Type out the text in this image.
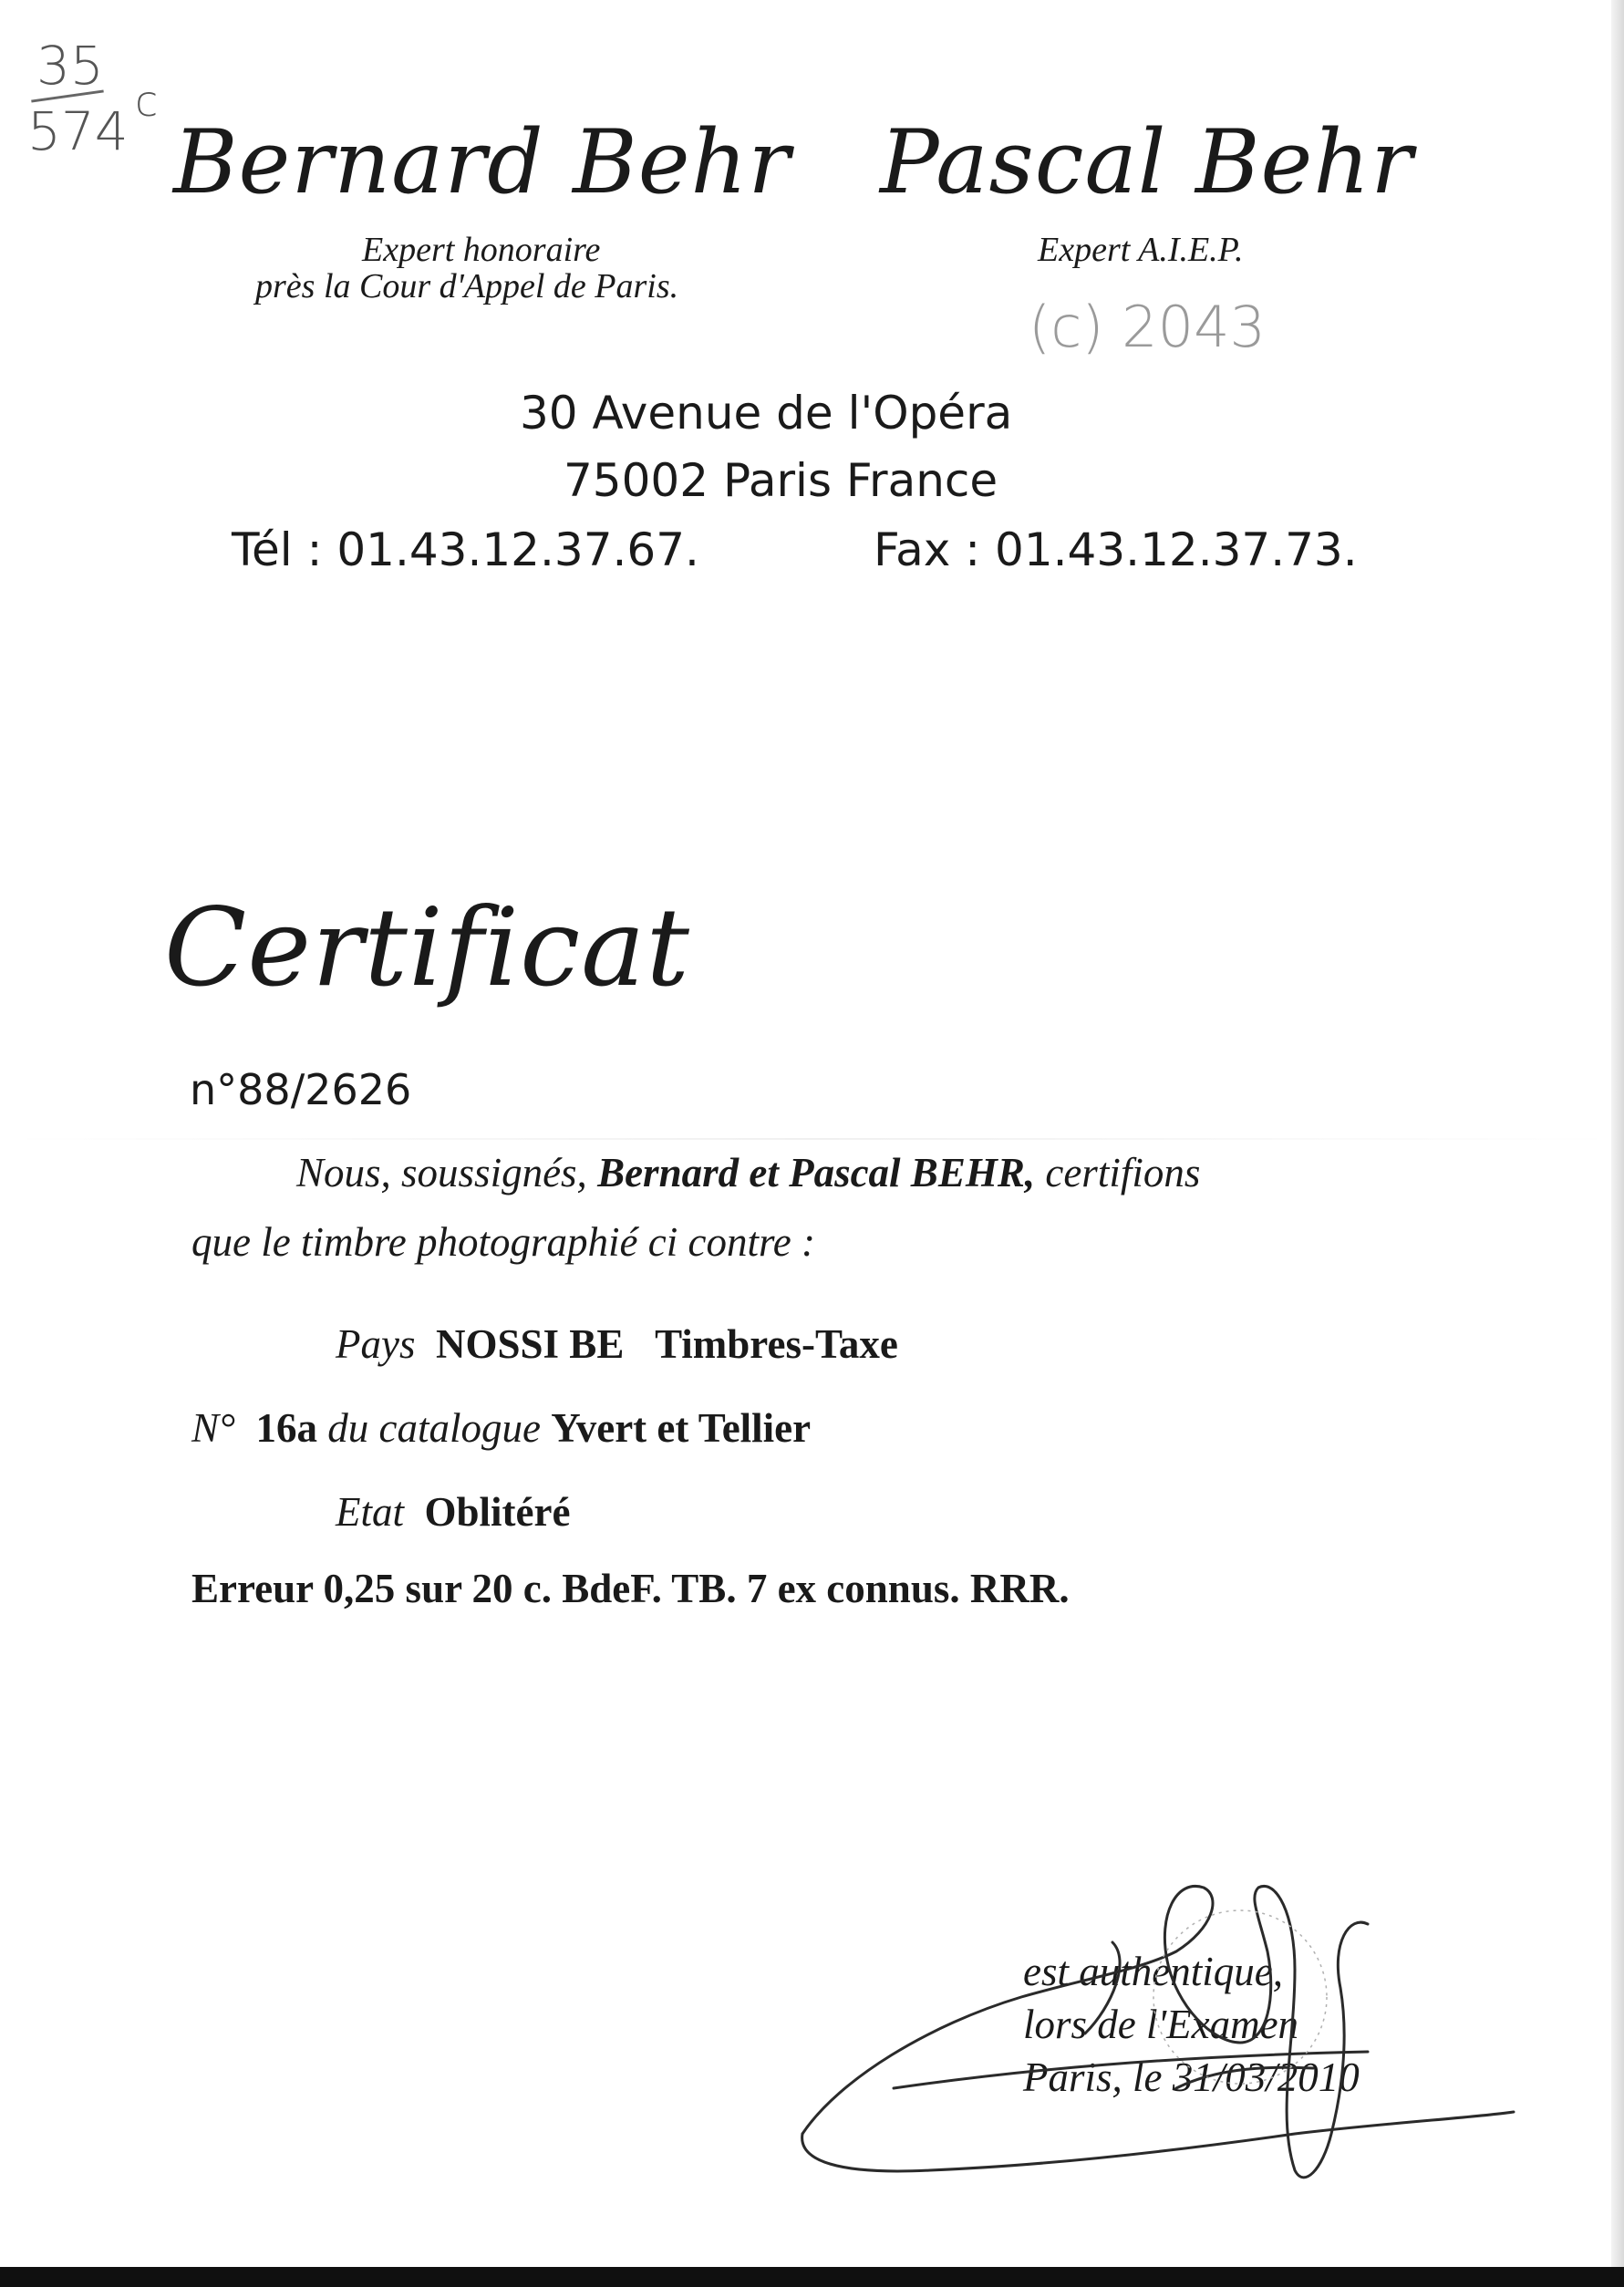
35
574 c
(c) 2043
Bernard Behr Pascal Behr
Expert honoraire
près la Cour d'Appel de Paris.
Expert A.I.E.P.
30 Avenue de l'Opéra
75002 Paris France
Tél : 01.43.12.37.67.	Fax : 01.43.12.37.73.
Certificat
n°88/2626
Nous, soussignés, Bernard et Pascal BEHR, certifions
que le timbre photographié ci contre :
Pays NOSSI BE Timbres-Taxe
N° 16a du catalogue Yvert et Tellier
Etat Oblitéré
Erreur 0,25 sur 20 c. BdeF. TB. 7 ex connus. RRR.
est authentique,
lors de l'Examen
Paris, le 31/03/2010
